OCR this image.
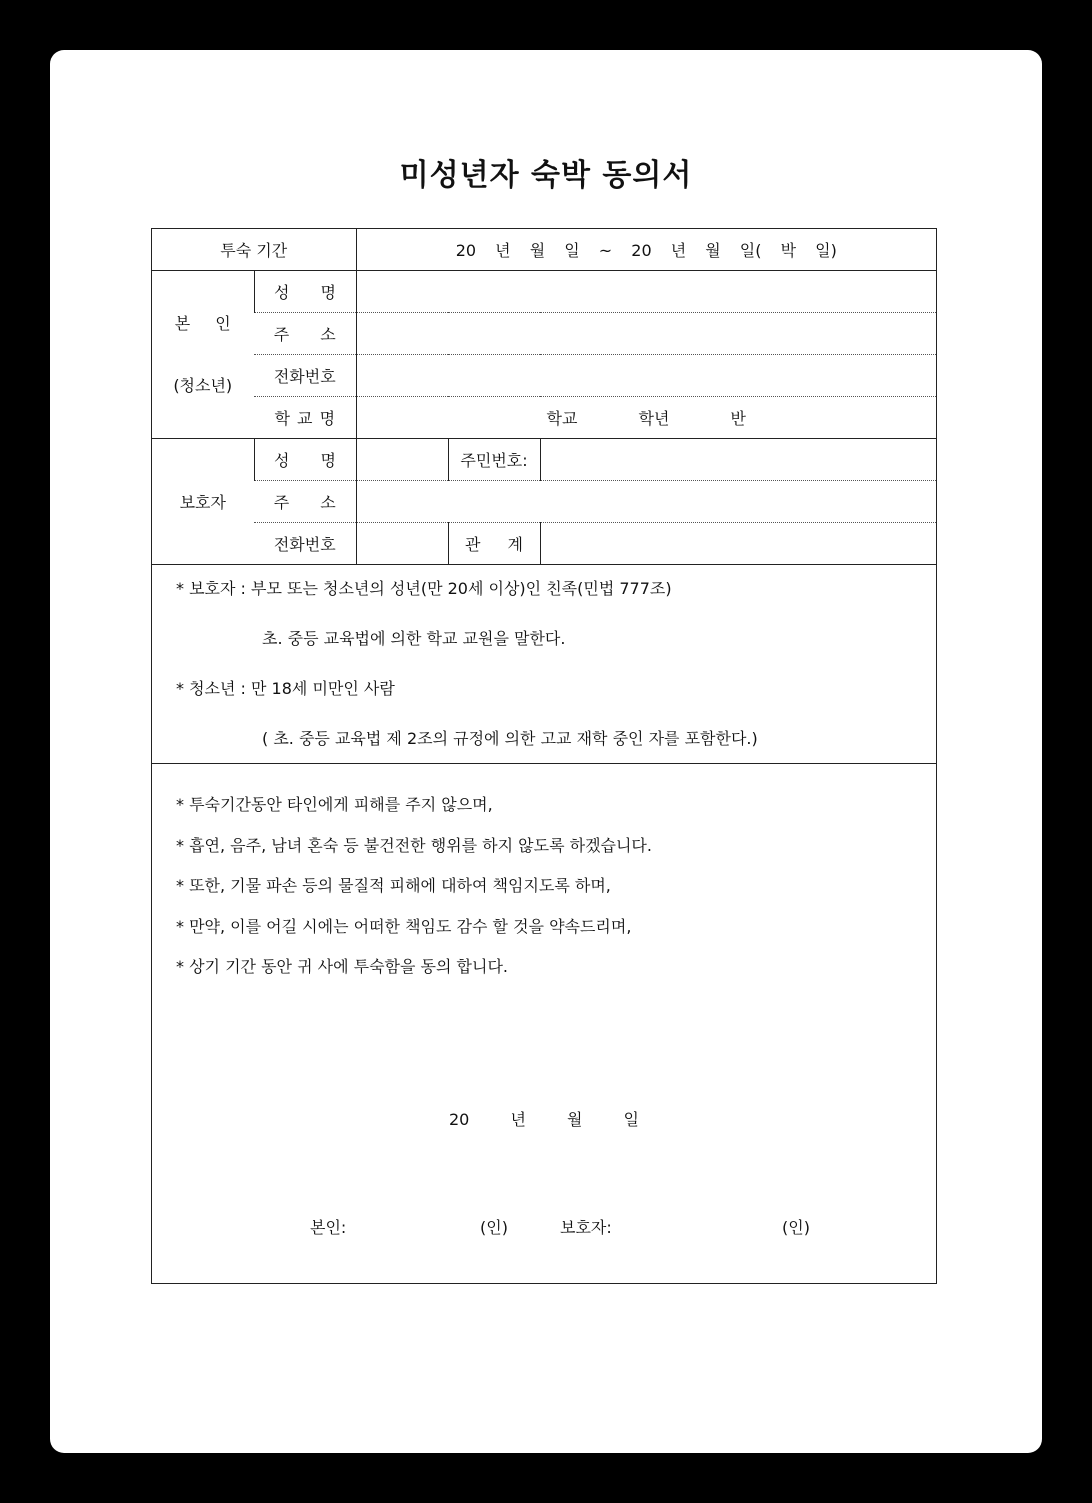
미성년자 숙박 동의서
투숙 기간		20 년 월 일 ~ 20 년 월 일( 박 일)		

본 인
(청소년)	성 명			
	주 소			
	전화번호			
	학 교 명	학교 학년 반		
보호자	성 명		주민번호:	
	주 소			
	전화번호		관 계	

* 보호자 : 부모 또는 청소년의 성년(만 20세 이상)인 친족(민법 777조)

초. 중등 교육법에 의한 학교 교원을 말한다.

* 청소년 : 만 18세 미만인 사람

( 초. 중등 교육법 제 2조의 규정에 의한 고교 재학 중인 자를 포함한다.)

* 투숙기간동안 타인에게 피해를 주지 않으며,

* 흡연, 음주, 남녀 혼숙 등 불건전한 행위를 하지 않도록 하겠습니다.

* 또한, 기물 파손 등의 물질적 피해에 대하여 책임지도록 하며,

* 만약, 이를 어길 시에는 어떠한 책임도 감수 할 것을 약속드리며,

* 상기 기간 동안 귀 사에 투숙함을 동의 합니다.

20 년 월 일
본인:	(인)	보호자:	(인)
